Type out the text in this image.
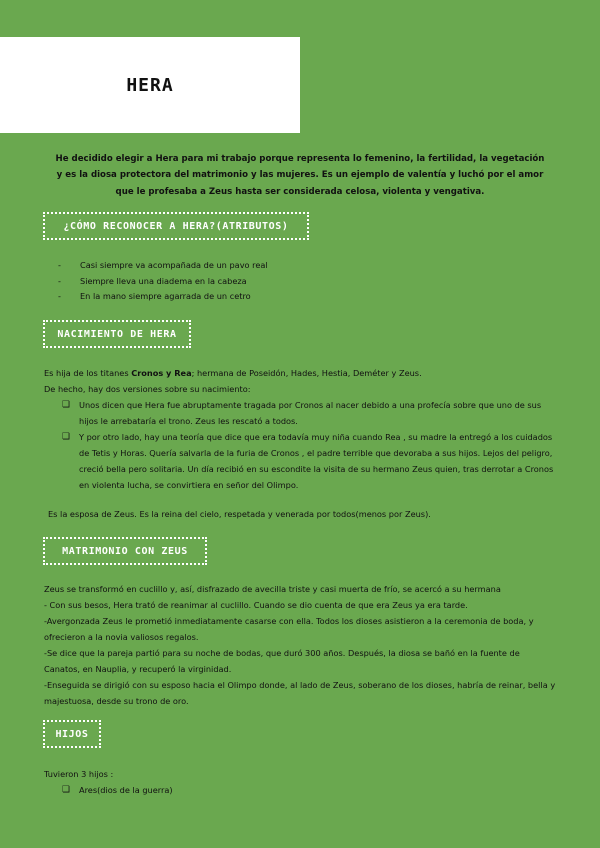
HERA

He decidido elegir a Hera para mi trabajo porque representa lo femenino, la fertilidad, la vegetación y es la diosa protectora del matrimonio y las mujeres. Es un ejemplo de valentía y luchó por el amor que le profesaba a Zeus hasta ser considerada celosa, violenta y vengativa.

¿CÓMO RECONOCER A HERA?(ATRIBUTOS)
-	Casi siempre va acompañada de un pavo real
-	Siempre lleva una diadema en la cabeza
-	En la mano siempre agarrada de un cetro
NACIMIENTO DE HERA

Es hija de los titanes Cronos y Rea; hermana de Poseidón, Hades, Hestia, Deméter y Zeus.

De hecho, hay dos versiones sobre su nacimiento:

❏	Unos dicen que Hera fue abruptamente tragada por Cronos al nacer debido a una profecía sobre que uno de sus hijos le arrebataría el trono. Zeus les rescató a todos.
❏	Y por otro lado, hay una teoría que dice que era todavía muy niña cuando Rea , su madre la entregó a los cuidados de Tetis y Horas. Quería salvarla de la furia de Cronos , el padre terrible que devoraba a sus hijos. Lejos del peligro, creció bella pero solitaria. Un día recibió en su escondite la visita de su hermano Zeus quien, tras derrotar a Cronos en violenta lucha, se convirtiera en señor del Olimpo.

Es la esposa de Zeus. Es la reina del cielo, respetada y venerada por todos(menos por Zeus).

MATRIMONIO CON ZEUS
Zeus se transformó en cuclillo y, así, disfrazado de avecilla triste y casi muerta de frío, se acercó a su hermana
- Con sus besos, Hera trató de reanimar al cuclillo. Cuando se dio cuenta de que era Zeus ya era tarde.
-Avergonzada Zeus le prometió inmediatamente casarse con ella. Todos los dioses asistieron a la ceremonia de boda, y ofrecieron a la novia valiosos regalos.
-Se dice que la pareja partió para su noche de bodas, que duró 300 años. Después, la diosa se bañó en la fuente de Canatos, en Nauplia, y recuperó la virginidad.
-Enseguida se dirigió con su esposo hacia el Olimpo donde, al lado de Zeus, soberano de los dioses, habría de reinar, bella y majestuosa, desde su trono de oro.
HIJOS

Tuvieron 3 hijos :

❏	Ares(dios de la guerra)
